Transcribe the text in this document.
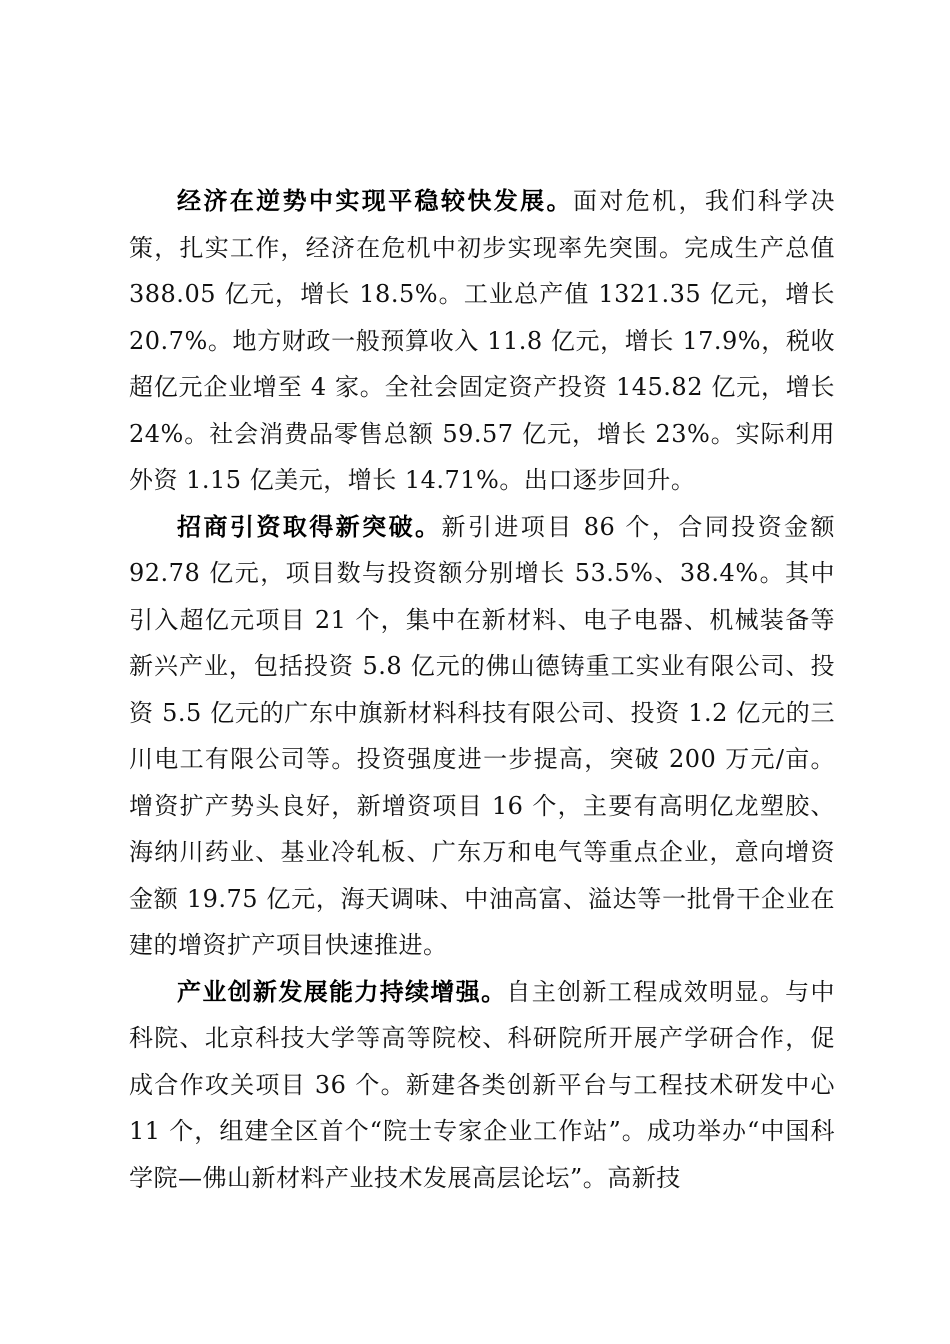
经济在逆势中实现平稳较快发展。面对危机，我们科学决策，扎实工作，经济在危机中初步实现率先突围。完成生产总值 388.05 亿元，增长 18.5%。工业总产值 1321.35 亿元，增长 20.7%。地方财政一般预算收入 11.8 亿元，增长 17.9%，税收超亿元企业增至 4 家。全社会固定资产投资 145.82 亿元，增长 24%。社会消费品零售总额 59.57 亿元，增长 23%。实际利用外资 1.15 亿美元，增长 14.71%。出口逐步回升。

招商引资取得新突破。新引进项目 86 个，合同投资金额 92.78 亿元，项目数与投资额分别增长 53.5%、38.4%。其中引入超亿元项目 21 个，集中在新材料、电子电器、机械装备等新兴产业，包括投资 5.8 亿元的佛山德铸重工实业有限公司、投资 5.5 亿元的广东中旗新材料科技有限公司、投资 1.2 亿元的三川电工有限公司等。投资强度进一步提高，突破 200 万元/亩。增资扩产势头良好，新增资项目 16 个，主要有高明亿龙塑胶、海纳川药业、基业冷轧板、广东万和电气等重点企业，意向增资金额 19.75 亿元，海天调味、中油高富、溢达等一批骨干企业在建的增资扩产项目快速推进。

产业创新发展能力持续增强。自主创新工程成效明显。与中科院、北京科技大学等高等院校、科研院所开展产学研合作，促成合作攻关项目 36 个。新建各类创新平台与工程技术研发中心 11 个，组建全区首个“院士专家企业工作站”。成功举办“中国科学院—佛山新材料产业技术发展高层论坛”。高新技
